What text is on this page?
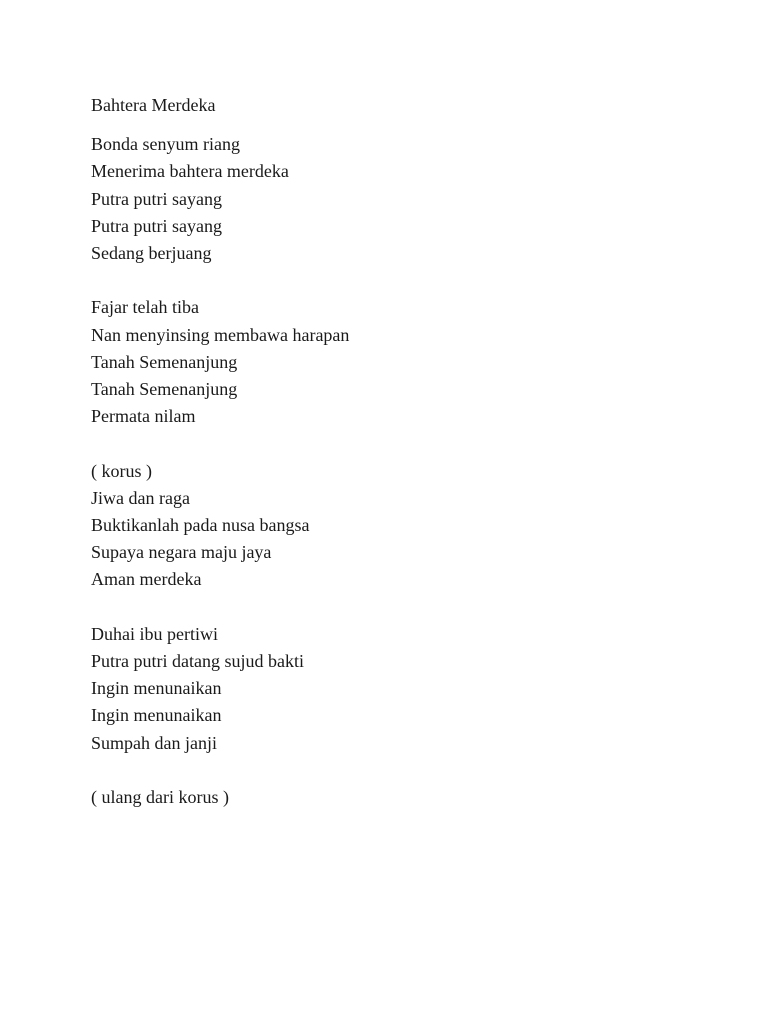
Bahtera Merdeka
Bonda senyum riang
Menerima bahtera merdeka
Putra putri sayang
Putra putri sayang
Sedang berjuang
Fajar telah tiba
Nan menyinsing membawa harapan
Tanah Semenanjung
Tanah Semenanjung
Permata nilam
( korus )
Jiwa dan raga
Buktikanlah pada nusa bangsa
Supaya negara maju jaya
Aman merdeka
Duhai ibu pertiwi
Putra putri datang sujud bakti
Ingin menunaikan
Ingin menunaikan
Sumpah dan janji
( ulang dari korus )
